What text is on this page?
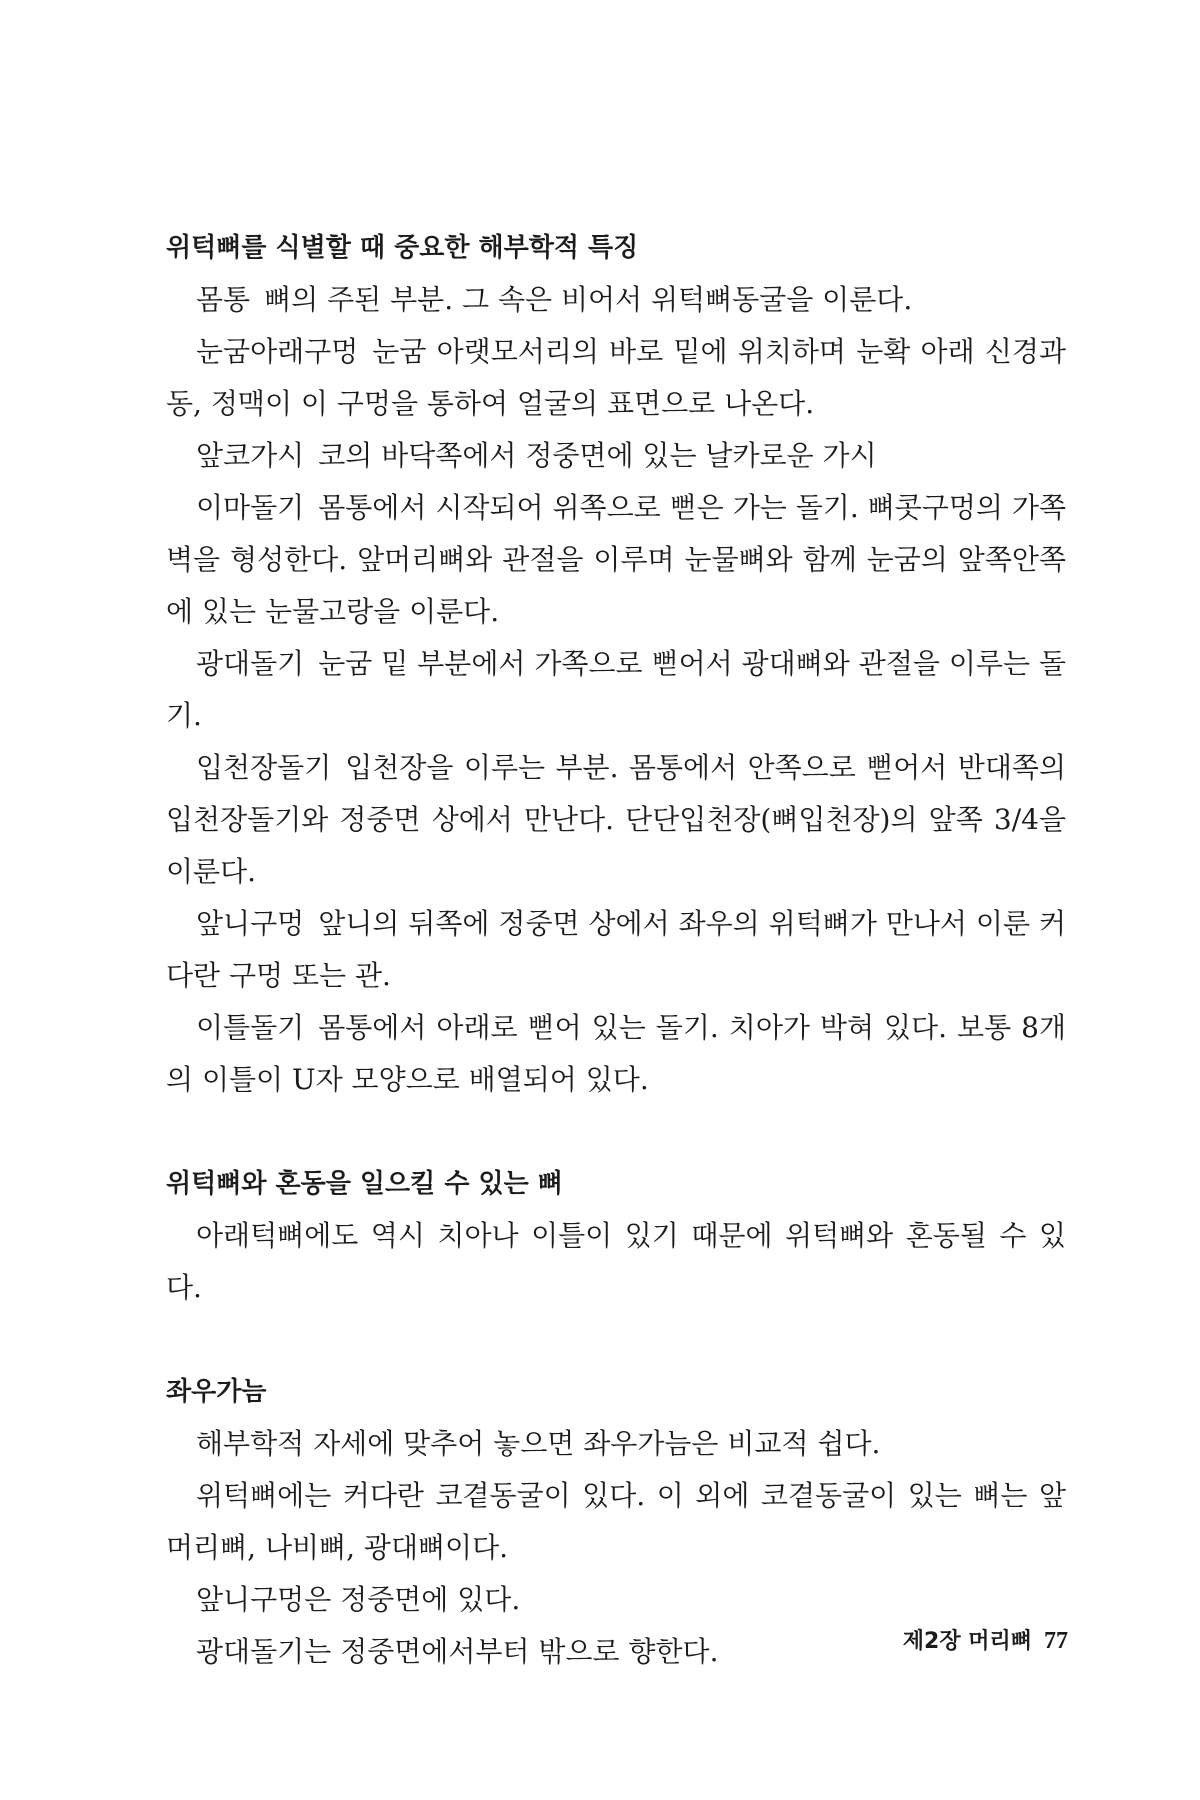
위턱뼈를 식별할 때 중요한 해부학적 특징

몸통 뼈의 주된 부분. 그 속은 비어서 위턱뼈동굴을 이룬다.

눈굼아래구멍 눈굼 아랫모서리의 바로 밑에 위치하며 눈확 아래 신경과 동, 정맥이 이 구멍을 통하여 얼굴의 표면으로 나온다.

앞코가시 코의 바닥쪽에서 정중면에 있는 날카로운 가시

이마돌기 몸통에서 시작되어 위쪽으로 뻗은 가는 돌기. 뼈콧구멍의 가쪽 벽을 형성한다. 앞머리뼈와 관절을 이루며 눈물뼈와 함께 눈굼의 앞쪽안쪽에 있는 눈물고랑을 이룬다.

광대돌기 눈굼 밑 부분에서 가쪽으로 뻗어서 광대뼈와 관절을 이루는 돌기.

입천장돌기 입천장을 이루는 부분. 몸통에서 안쪽으로 뻗어서 반대쪽의 입천장돌기와 정중면 상에서 만난다. 단단입천장(뼈입천장)의 앞쪽 3/4을 이룬다.

앞니구멍 앞니의 뒤쪽에 정중면 상에서 좌우의 위턱뼈가 만나서 이룬 커다란 구멍 또는 관.

이틀돌기 몸통에서 아래로 뻗어 있는 돌기. 치아가 박혀 있다. 보통 8개의 이틀이 U자 모양으로 배열되어 있다.

위턱뼈와 혼동을 일으킬 수 있는 뼈

아래턱뼈에도 역시 치아나 이틀이 있기 때문에 위턱뼈와 혼동될 수 있다.

좌우가늠

해부학적 자세에 맞추어 놓으면 좌우가늠은 비교적 쉽다.

위턱뼈에는 커다란 코곁동굴이 있다. 이 외에 코곁동굴이 있는 뼈는 앞머리뼈, 나비뼈, 광대뼈이다.

앞니구멍은 정중면에 있다.

광대돌기는 정중면에서부터 밖으로 향한다.	제2장 머리뼈 77
